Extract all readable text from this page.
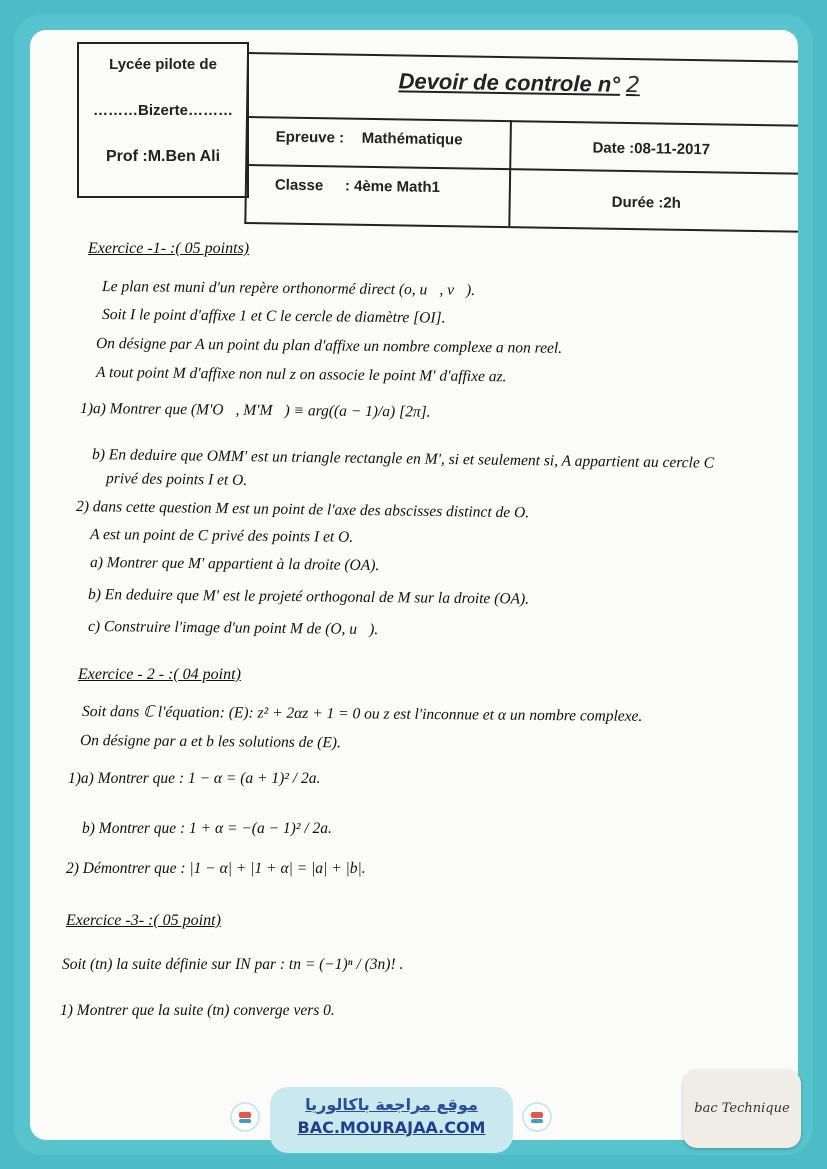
Lycée pilote de
………Bizerte………
Prof :M.Ben Ali
Devoir de controle n° 2
Epreuve : Mathématique
Date :08-11-2017
Classe : 4ème Math1
Durée :2h
Exercice -1- :( 05 points)
Le plan est muni d'un repère orthonormé direct (o, u⃗, v⃗).
Soit I le point d'affixe 1 et C le cercle de diamètre [OI].
On désigne par A un point du plan d'affixe un nombre complexe a non reel.
A tout point M d'affixe non nul z on associe le point M' d'affixe az.
1)a) Montrer que (M'O⃗, M'M⃗) ≡ arg((a − 1)/a) [2π].
b) En deduire que OMM' est un triangle rectangle en M', si et seulement si, A appartient au cercle C
privé des points I et O.
2) dans cette question M est un point de l'axe des abscisses distinct de O.
A est un point de C privé des points I et O.
a) Montrer que M' appartient à la droite (OA).
b) En deduire que M' est le projeté orthogonal de M sur la droite (OA).
c) Construire l'image d'un point M de (O, u⃗).
Exercice - 2 - :( 04 point)
Soit dans ℂ l'équation: (E): z² + 2αz + 1 = 0 ou z est l'inconnue et α un nombre complexe.
On désigne par a et b les solutions de (E).
1)a) Montrer que : 1 − α = (a + 1)² / 2a.
b) Montrer que : 1 + α = −(a − 1)² / 2a.
2) Démontrer que : |1 − α| + |1 + α| = |a| + |b|.
Exercice -3- :( 05 point)
Soit (tn) la suite définie sur IN par : tn = (−1)ⁿ / (3n)! .
1) Montrer que la suite (tn) converge vers 0.
موقع مراجعة باكالوريا
BAC.MOURAJAA.COM
bac Technique
